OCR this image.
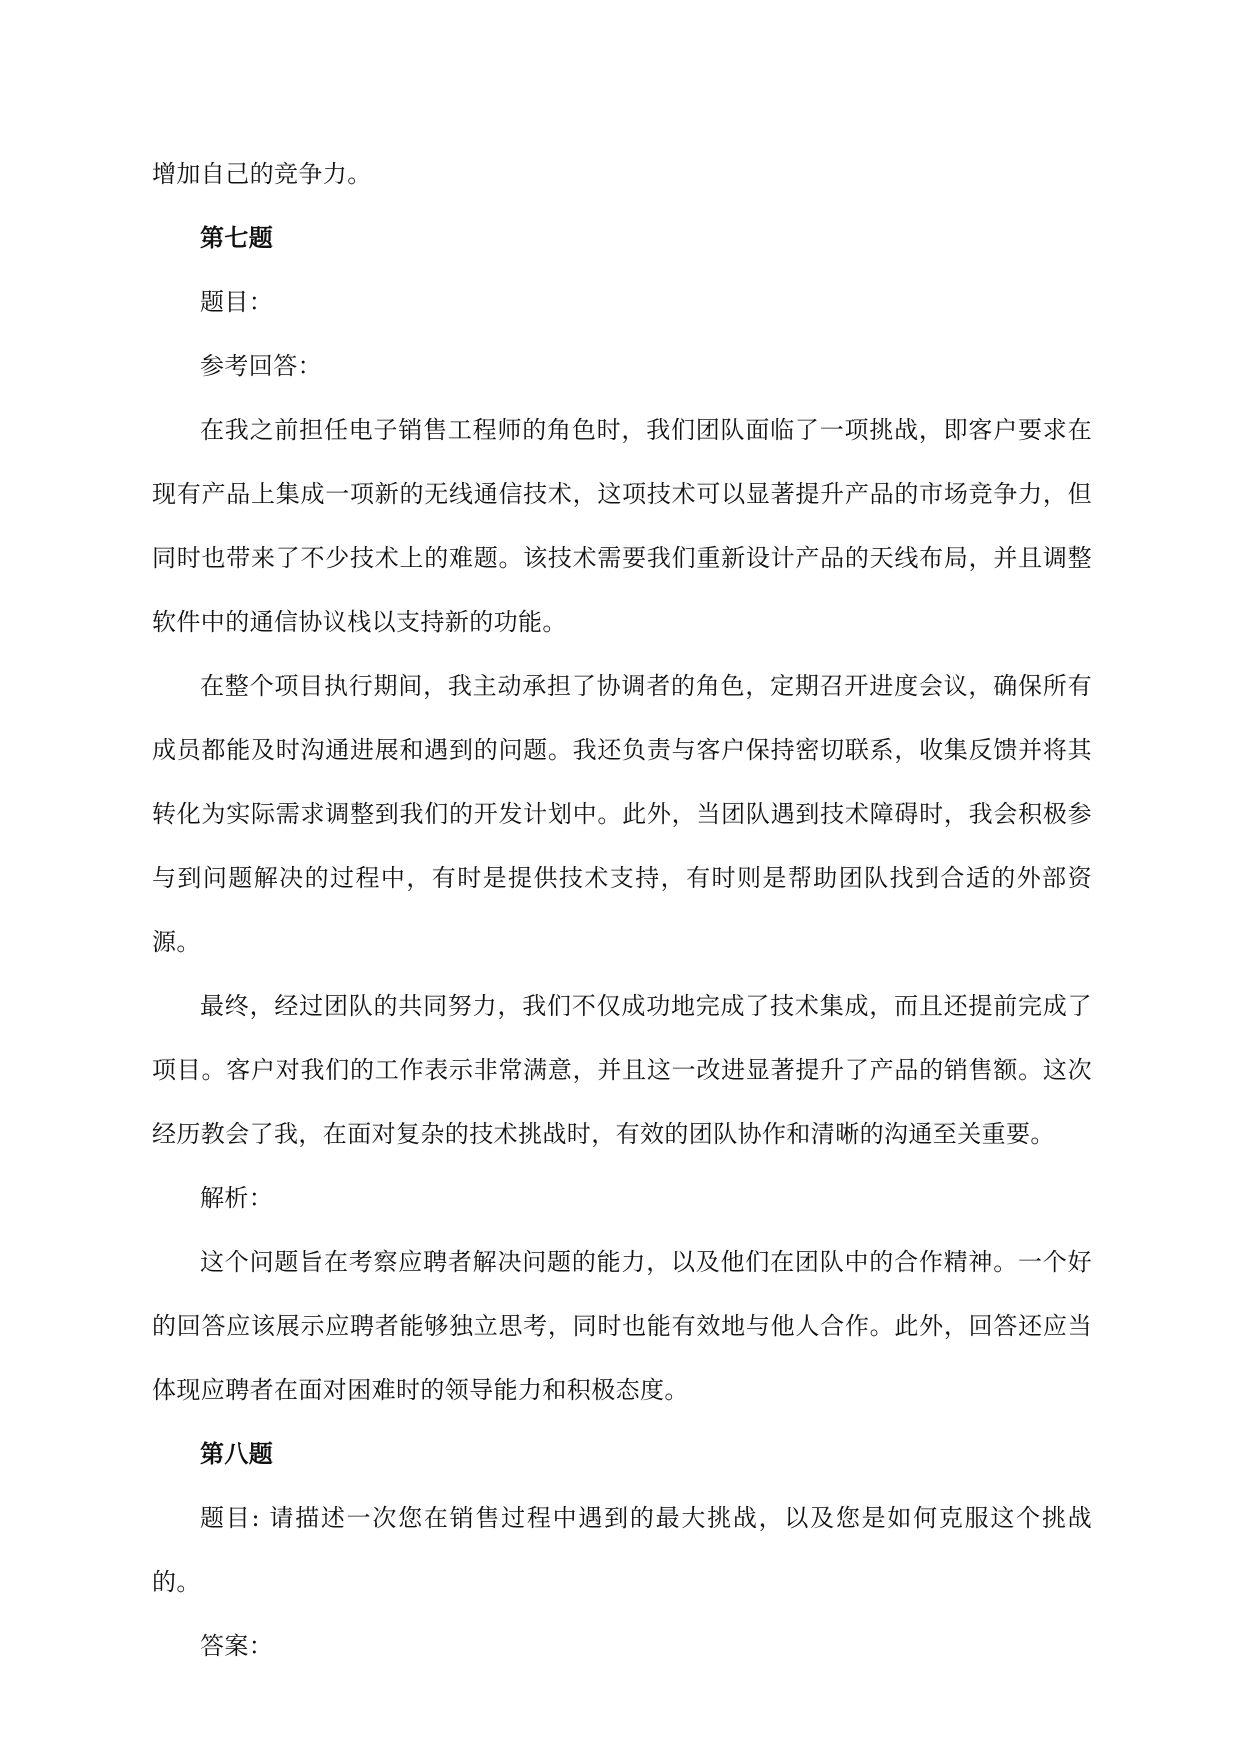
增加自己的竞争力。

第七题

题目：

参考回答：

在我之前担任电子销售工程师的角色时，我们团队面临了一项挑战，即客户要求在现有产品上集成一项新的无线通信技术，这项技术可以显著提升产品的市场竞争力，但同时也带来了不少技术上的难题。该技术需要我们重新设计产品的天线布局，并且调整软件中的通信协议栈以支持新的功能。

在整个项目执行期间，我主动承担了协调者的角色，定期召开进度会议，确保所有成员都能及时沟通进展和遇到的问题。我还负责与客户保持密切联系，收集反馈并将其转化为实际需求调整到我们的开发计划中。此外，当团队遇到技术障碍时，我会积极参与到问题解决的过程中，有时是提供技术支持，有时则是帮助团队找到合适的外部资源。

最终，经过团队的共同努力，我们不仅成功地完成了技术集成，而且还提前完成了项目。客户对我们的工作表示非常满意，并且这一改进显著提升了产品的销售额。这次经历教会了我，在面对复杂的技术挑战时，有效的团队协作和清晰的沟通至关重要。

解析：

这个问题旨在考察应聘者解决问题的能力，以及他们在团队中的合作精神。一个好的回答应该展示应聘者能够独立思考，同时也能有效地与他人合作。此外，回答还应当体现应聘者在面对困难时的领导能力和积极态度。

第八题

题目: 请描述一次您在销售过程中遇到的最大挑战，以及您是如何克服这个挑战的。

答案：
